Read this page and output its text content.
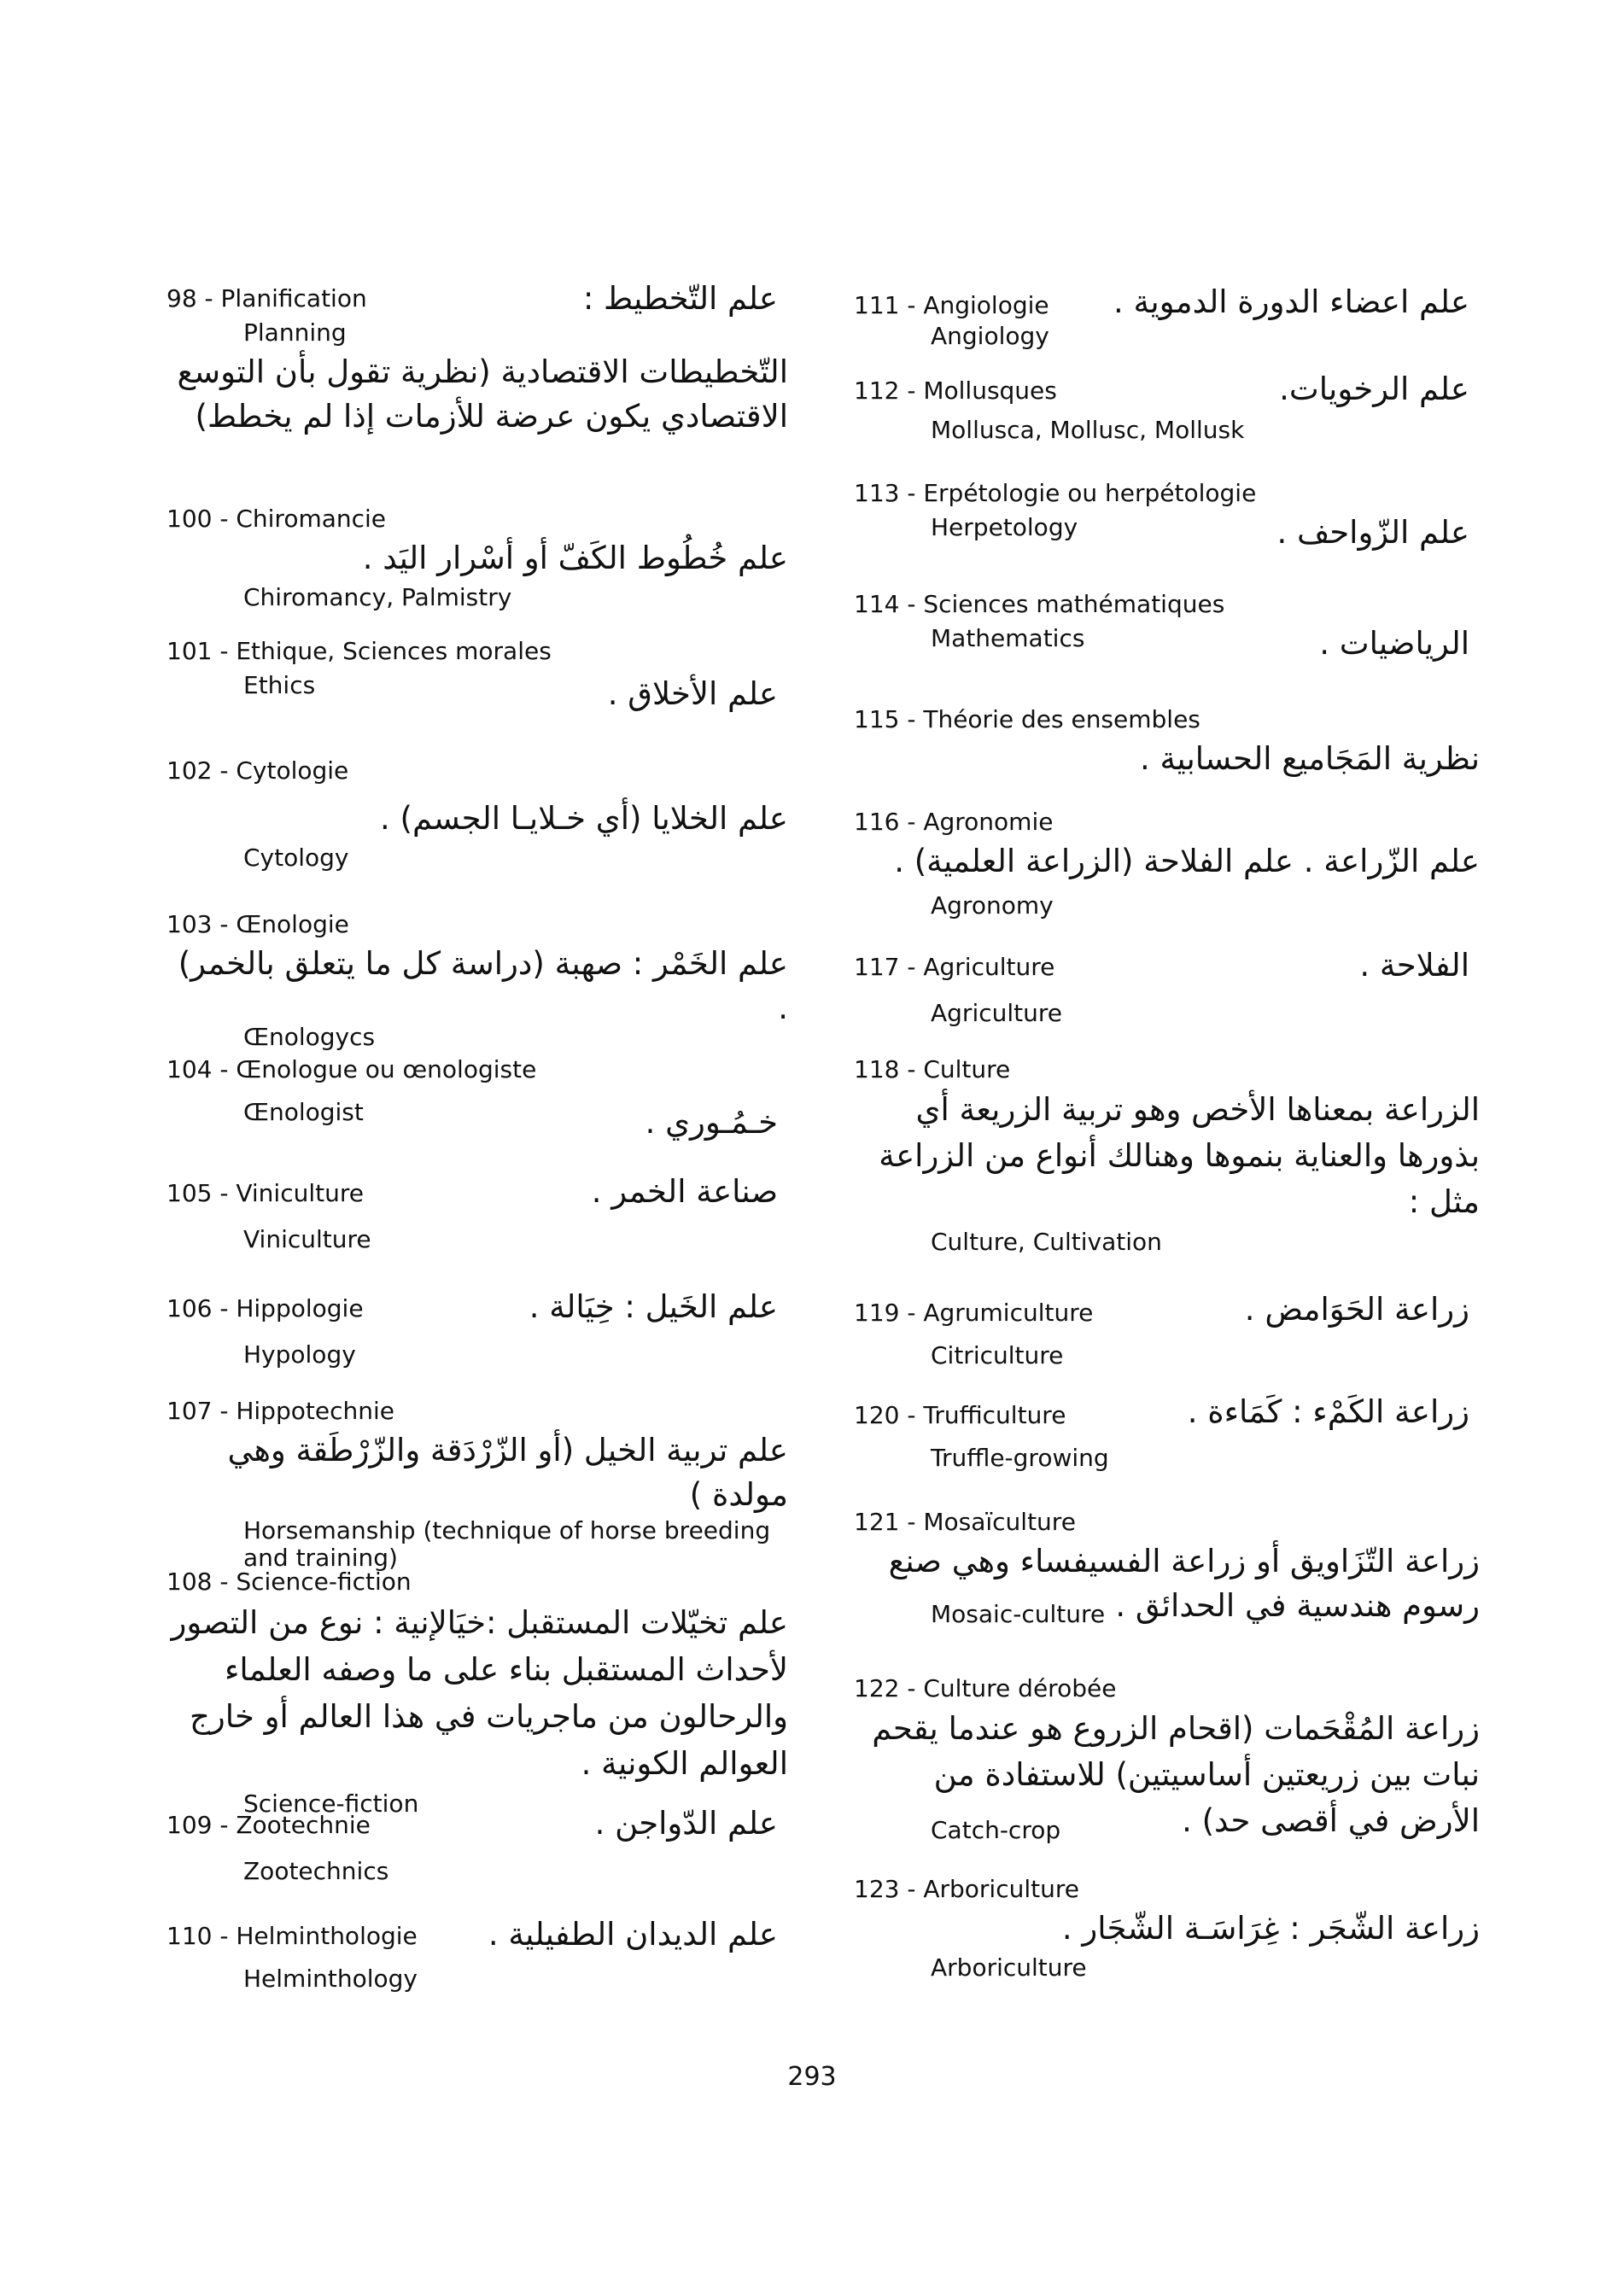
98 - Planification	علم التّخطيط :
Planning
التّخطيطات الاقتصادية (نظرية تقول بأن التوسع الاقتصادي يكون عرضة للأزمات إذا لم يخطط)
100 - Chiromancie
علم خُطُوط الكَفّ أو أسْرار اليَد .
Chiromancy, Palmistry
101 - Ethique, Sciences morales
Ethics	علم الأخلاق .
102 - Cytologie
علم الخلايا (أي خـلايـا الجسم) .
Cytology
103 - Œnologie
علم الخَمْر : صهبة (دراسة كل ما يتعلق بالخمر) .
Œnologycs
104 - Œnologue ou œnologiste
Œnologist	خـمُـوري .
105 - Viniculture	صناعة الخمر .
Viniculture
106 - Hippologie	علم الخَيل : خِيَالة .
Hypology
107 - Hippotechnie
علم تربية الخيل (أو الزّرْدَقة والزّرْطَقة وهي مولدة )
Horsemanship (technique of horse breeding and training)
108 - Science-fiction
علم تخيّلات المستقبل :خيَالإنية : نوع من التصور لأحداث المستقبل بناء على ما وصفه العلماء والرحالون من ماجريات في هذا العالم أو خارج العوالم الكونية .
Science-fiction
109 - Zootechnie	علم الدّواجن .
Zootechnics
110 - Helminthologie	علم الديدان الطفيلية .
Helminthology
111 - Angiologie	علم اعضاء الدورة الدموية .
Angiology
112 - Mollusques	علم الرخويات.
Mollusca, Mollusc, Mollusk
113 - Erpétologie ou herpétologie
Herpetology	علم الزّواحف .
114 - Sciences mathématiques
Mathematics	الرياضيات .
115 - Théorie des ensembles
نظرية المَجَاميع الحسابية .
116 - Agronomie
علم الزّراعة . علم الفلاحة (الزراعة العلمية) .
Agronomy
117 - Agriculture	الفلاحة .
Agriculture
118 - Culture
الزراعة بمعناها الأخص وهو تربية الزريعة أي بذورها والعناية بنموها وهنالك أنواع من الزراعة مثل :
Culture, Cultivation
119 - Agrumiculture	زراعة الحَوَامض .
Citriculture
120 - Trufficulture	زراعة الكَمْء : كَمَاءة .
Truffle-growing
121 - Mosaïculture
زراعة التّزَاويق أو زراعة الفسيفساء وهي صنع رسوم هندسية في الحدائق .
Mosaic-culture
122 - Culture dérobée
زراعة المُقْحَمات (اقحام الزروع هو عندما يقحم نبات بين زريعتين أساسيتين) للاستفادة من الأرض في أقصى حد) .
Catch-crop
123 - Arboriculture
زراعة الشّجَر : غِرَاسَـة الشّجَار .
Arboriculture
293
